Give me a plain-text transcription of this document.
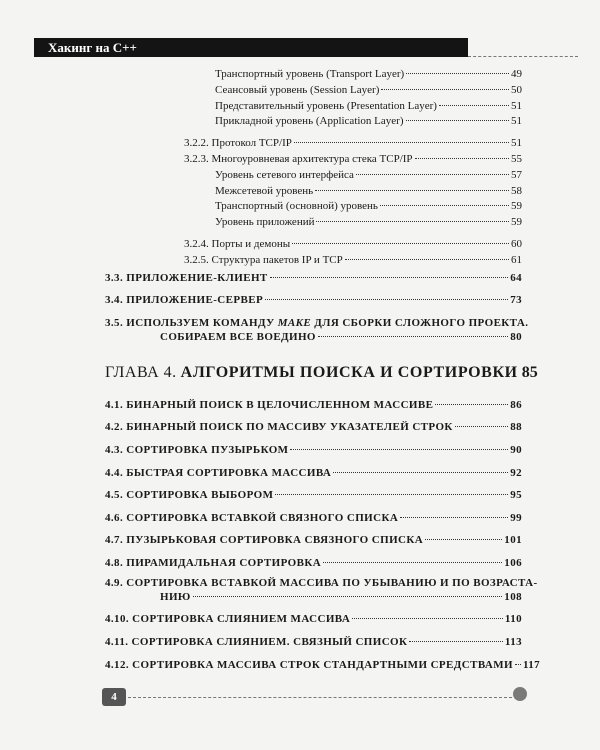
Хакинг на С++
Транспортный уровень (Transport Layer)	49
Сеансовый уровень (Session Layer)	50
Представительный уровень (Presentation Layer)	51
Прикладной уровень (Application Layer)	51
3.2.2. Протокол TCP/IP	51
3.2.3. Многоуровневая архитектура стека TCP/IP	55
Уровень сетевого интерфейса	57
Межсетевой уровень	58
Транспортный (основной) уровень	59
Уровень приложений	59
3.2.4. Порты и демоны	60
3.2.5. Структура пакетов IP и TCP	61
3.3. ПРИЛОЖЕНИЕ-КЛИЕНТ	64
3.4. ПРИЛОЖЕНИЕ-СЕРВЕР	73
3.5. ИСПОЛЬЗУЕМ КОМАНДУ MAKE ДЛЯ СБОРКИ СЛОЖНОГО ПРОЕКТА.
СОБИРАЕМ ВСЕ ВОЕДИНО	80
ГЛАВА 4. АЛГОРИТМЫ ПОИСКА И СОРТИРОВКИ 85
4.1. БИНАРНЫЙ ПОИСК В ЦЕЛОЧИСЛЕННОМ МАССИВЕ	86
4.2. БИНАРНЫЙ ПОИСК ПО МАССИВУ УКАЗАТЕЛЕЙ СТРОК	88
4.3. СОРТИРОВКА ПУЗЫРЬКОМ	90
4.4. БЫСТРАЯ СОРТИРОВКА МАССИВА	92
4.5. СОРТИРОВКА ВЫБОРОМ	95
4.6. СОРТИРОВКА ВСТАВКОЙ СВЯЗНОГО СПИСКА	99
4.7. ПУЗЫРЬКОВАЯ СОРТИРОВКА СВЯЗНОГО СПИСКА	101
4.8. ПИРАМИДАЛЬНАЯ СОРТИРОВКА	106
4.9. СОРТИРОВКА ВСТАВКОЙ МАССИВА ПО УБЫВАНИЮ И ПО ВОЗРАСТА-
НИЮ	108
4.10. СОРТИРОВКА СЛИЯНИЕМ МАССИВА	110
4.11. СОРТИРОВКА СЛИЯНИЕМ. СВЯЗНЫЙ СПИСОК	113
4.12. СОРТИРОВКА МАССИВА СТРОК СТАНДАРТНЫМИ СРЕДСТВАМИ 117
4
